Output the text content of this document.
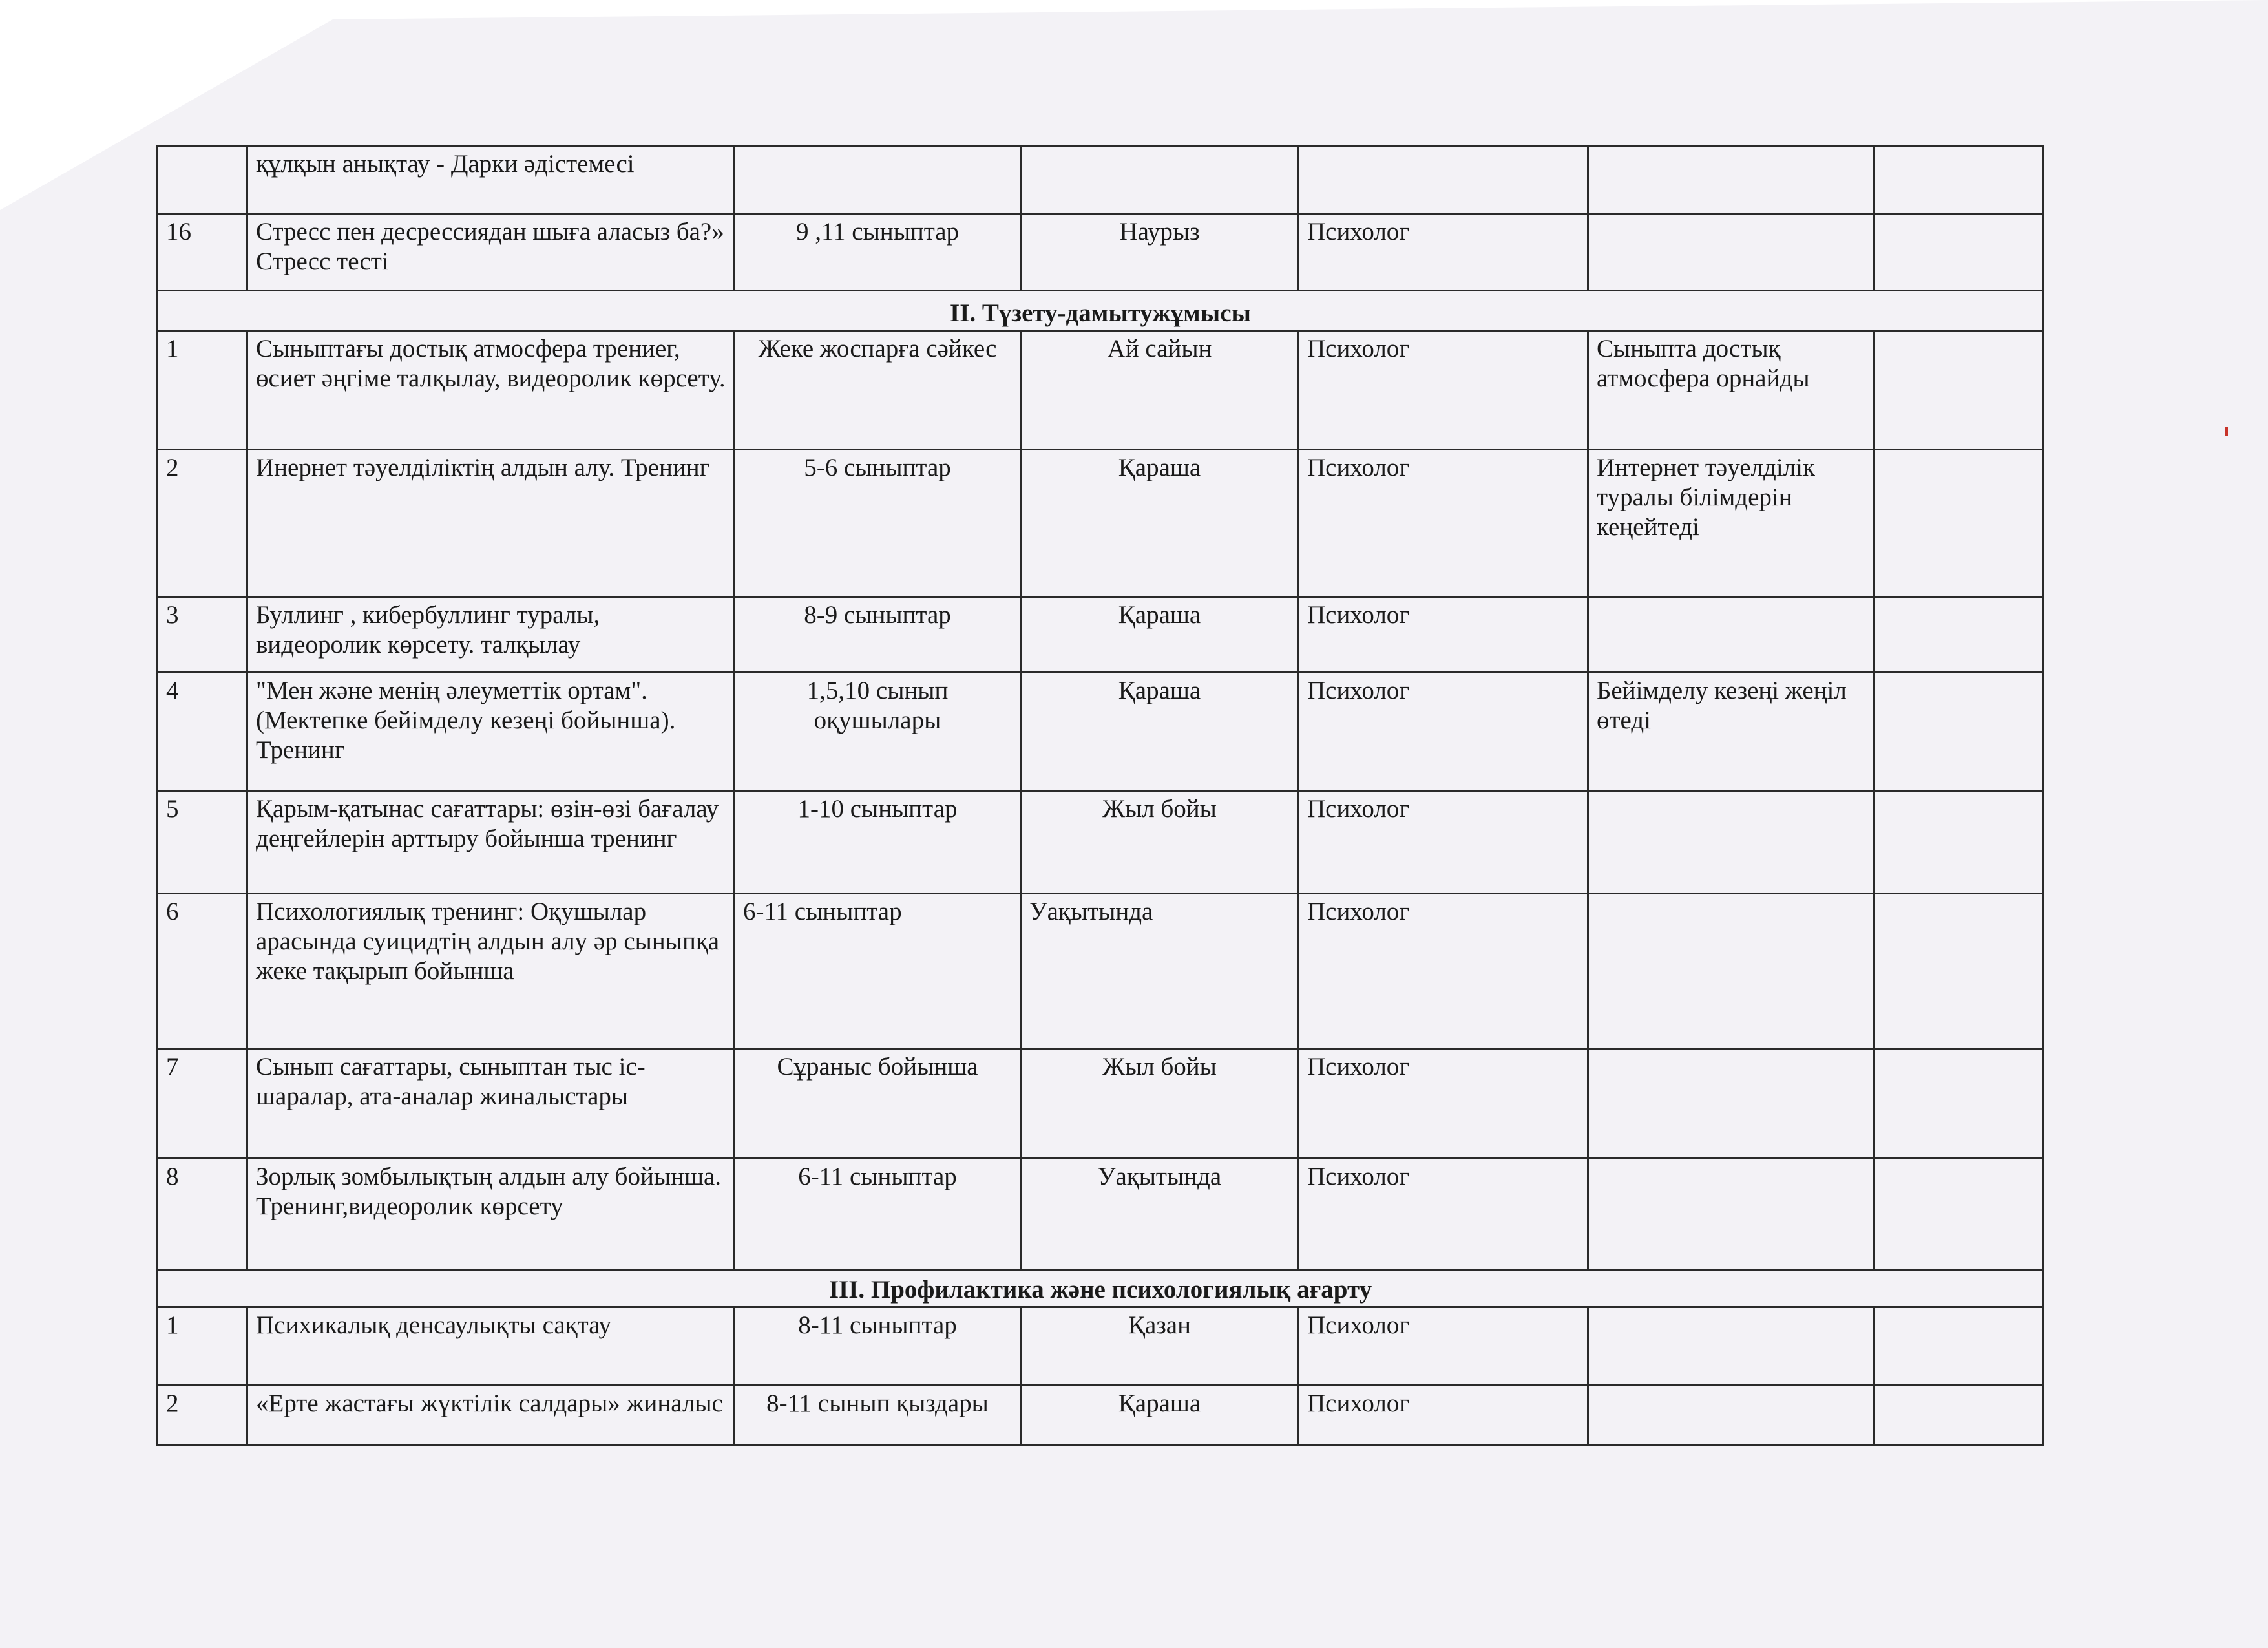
	құлқын анықтау - Дарки әдістемесі					
16	Стресс пен десрессиядан шыға аласыз ба?» Стресс тесті	9 ,11 сыныптар	Наурыз	Психолог		
II. Түзету-дамытужұмысы						
1	Сыныптағы достық атмосфера трениег, өсиет әңгіме талқылау, видеоролик көрсету.	Жеке жоспарға сәйкес	Ай сайын	Психолог	Сыныпта достық атмосфера орнайды	
2	Инернет тәуелділіктің алдын алу. Тренинг	5-6 сыныптар	Қараша	Психолог	Интернет тәуелділік туралы білімдерін кеңейтеді	
3	Буллинг , кибербуллинг туралы, видеоролик көрсету. талқылау	8-9 сыныптар	Қараша	Психолог		
4	"Мен және менің әлеуметтік ортам". (Мектепке бейімделу кезеңі бойынша). Тренинг	1,5,10 сынып оқушылары	Қараша	Психолог	Бейімделу кезеңі жеңіл өтеді	
5	Қарым-қатынас сағаттары: өзін-өзі бағалау деңгейлерін арттыру бойынша тренинг	1-10 сыныптар	Жыл бойы	Психолог		
6	Психологиялық тренинг: Оқушылар арасында суицидтің алдын алу әр сыныпқа жеке тақырып бойынша	6-11 сыныптар	Уақытында	Психолог		
7	Сынып сағаттары, сыныптан тыс іс-шаралар, ата-аналар жиналыстары	Сұраныс бойынша	Жыл бойы	Психолог		
8	Зорлық зомбылықтың алдын алу бойынша. Тренинг,видеоролик көрсету	6-11 сыныптар	Уақытында	Психолог		
III. Профилактика және психологиялық ағарту						
1	Психикалық денсаулықты сақтау	8-11 сыныптар	Қазан	Психолог		
2	«Ерте жастағы жүктілік салдары» жиналыс	8-11 сынып қыздары	Қараша	Психолог		
